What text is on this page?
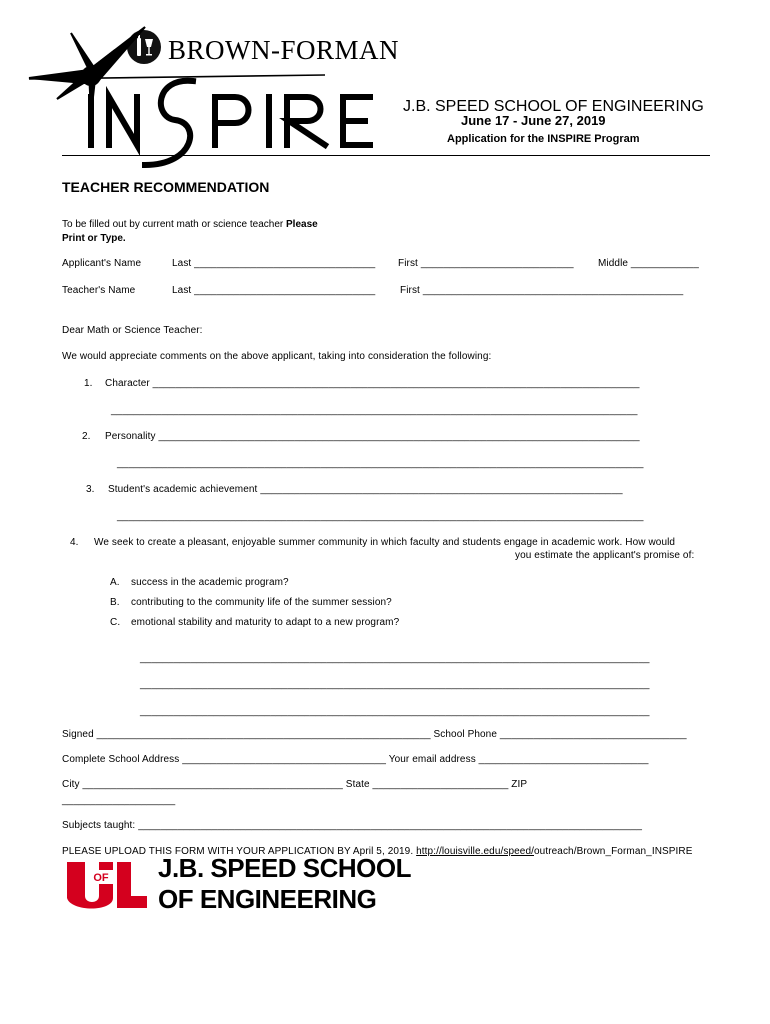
BROWN-FORMAN
J.B. SPEED SCHOOL OF ENGINEERING
June 17 - June 27, 2019
Application for the INSPIRE Program
TEACHER RECOMMENDATION
To be filled out by current math or science teacher Please
Print or Type.
Applicant's Name	Last ________________________________ First ___________________________ Middle ____________
Teacher's Name	Last ________________________________ First ______________________________________________
Dear Math or Science Teacher:
We would appreciate comments on the above applicant, taking into consideration the following:
1. Character ______________________________________________________________________________________
_____________________________________________________________________________________________
2. Personality _____________________________________________________________________________________
_____________________________________________________________________________________________
3. Student's academic achievement ________________________________________________________________
_____________________________________________________________________________________________
4. We seek to create a pleasant, enjoyable summer community in which faculty and students engage in academic work. How would
you estimate the applicant's promise of:
A. success in the academic program?
B. contributing to the community life of the summer session?
C. emotional stability and maturity to adapt to a new program?
__________________________________________________________________________________________
__________________________________________________________________________________________
__________________________________________________________________________________________
Signed ___________________________________________________________ School Phone _________________________________
Complete School Address ____________________________________ Your email address ______________________________
City ______________________________________________ State ________________________ ZIP
____________________
Subjects taught: _________________________________________________________________________________________
PLEASE UPLOAD THIS FORM WITH YOUR APPLICATION BY April 5, 2019. http://louisville.edu/speed/outreach/Brown_Forman_INSPIRE
OF J.B. SPEED SCHOOL
OF ENGINEERING
